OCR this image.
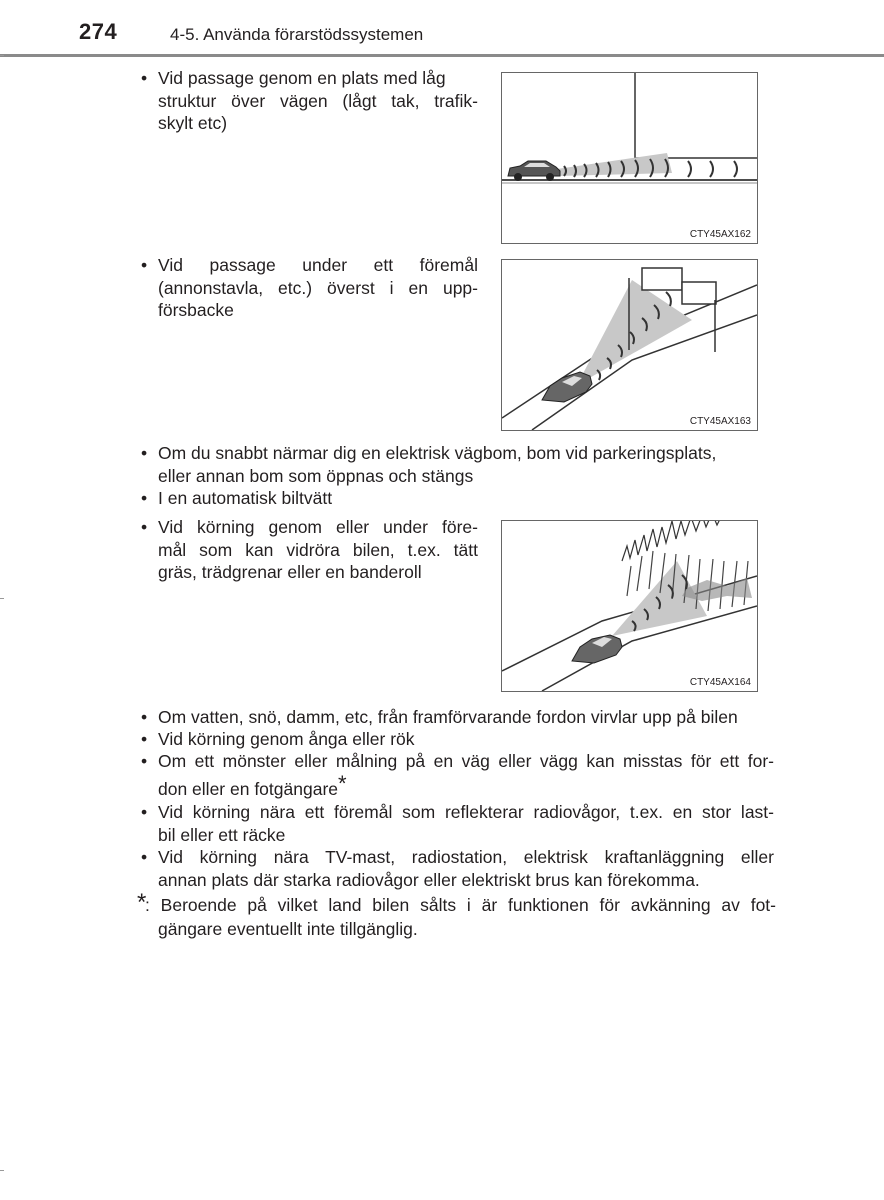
274	4-5. Använda förarstödssystemen
• Vid passage genom en plats med låg
struktur över vägen (lågt tak, trafik-
skylt etc)
CTY45AX162
• Vid passage under ett föremål
(annonstavla, etc.) överst i en upp-
försbacke
CTY45AX163
• Om du snabbt närmar dig en elektrisk vägbom, bom vid parkeringsplats,
eller annan bom som öppnas och stängs
• I en automatisk biltvätt
• Vid körning genom eller under före-
mål som kan vidröra bilen, t.ex. tätt
gräs, trädgrenar eller en banderoll
CTY45AX164
• Om vatten, snö, damm, etc, från framförvarande fordon virvlar upp på bilen
• Vid körning genom ånga eller rök
• Om ett mönster eller målning på en väg eller vägg kan misstas för ett for-
don eller en fotgängare*
• Vid körning nära ett föremål som reflekterar radiovågor, t.ex. en stor last-
bil eller ett räcke
• Vid körning nära TV-mast, radiostation, elektrisk kraftanläggning eller
annan plats där starka radiovågor eller elektriskt brus kan förekomma.
*
: Beroende på vilket land bilen sålts i är funktionen för avkänning av fot-
gängare eventuellt inte tillgänglig.
